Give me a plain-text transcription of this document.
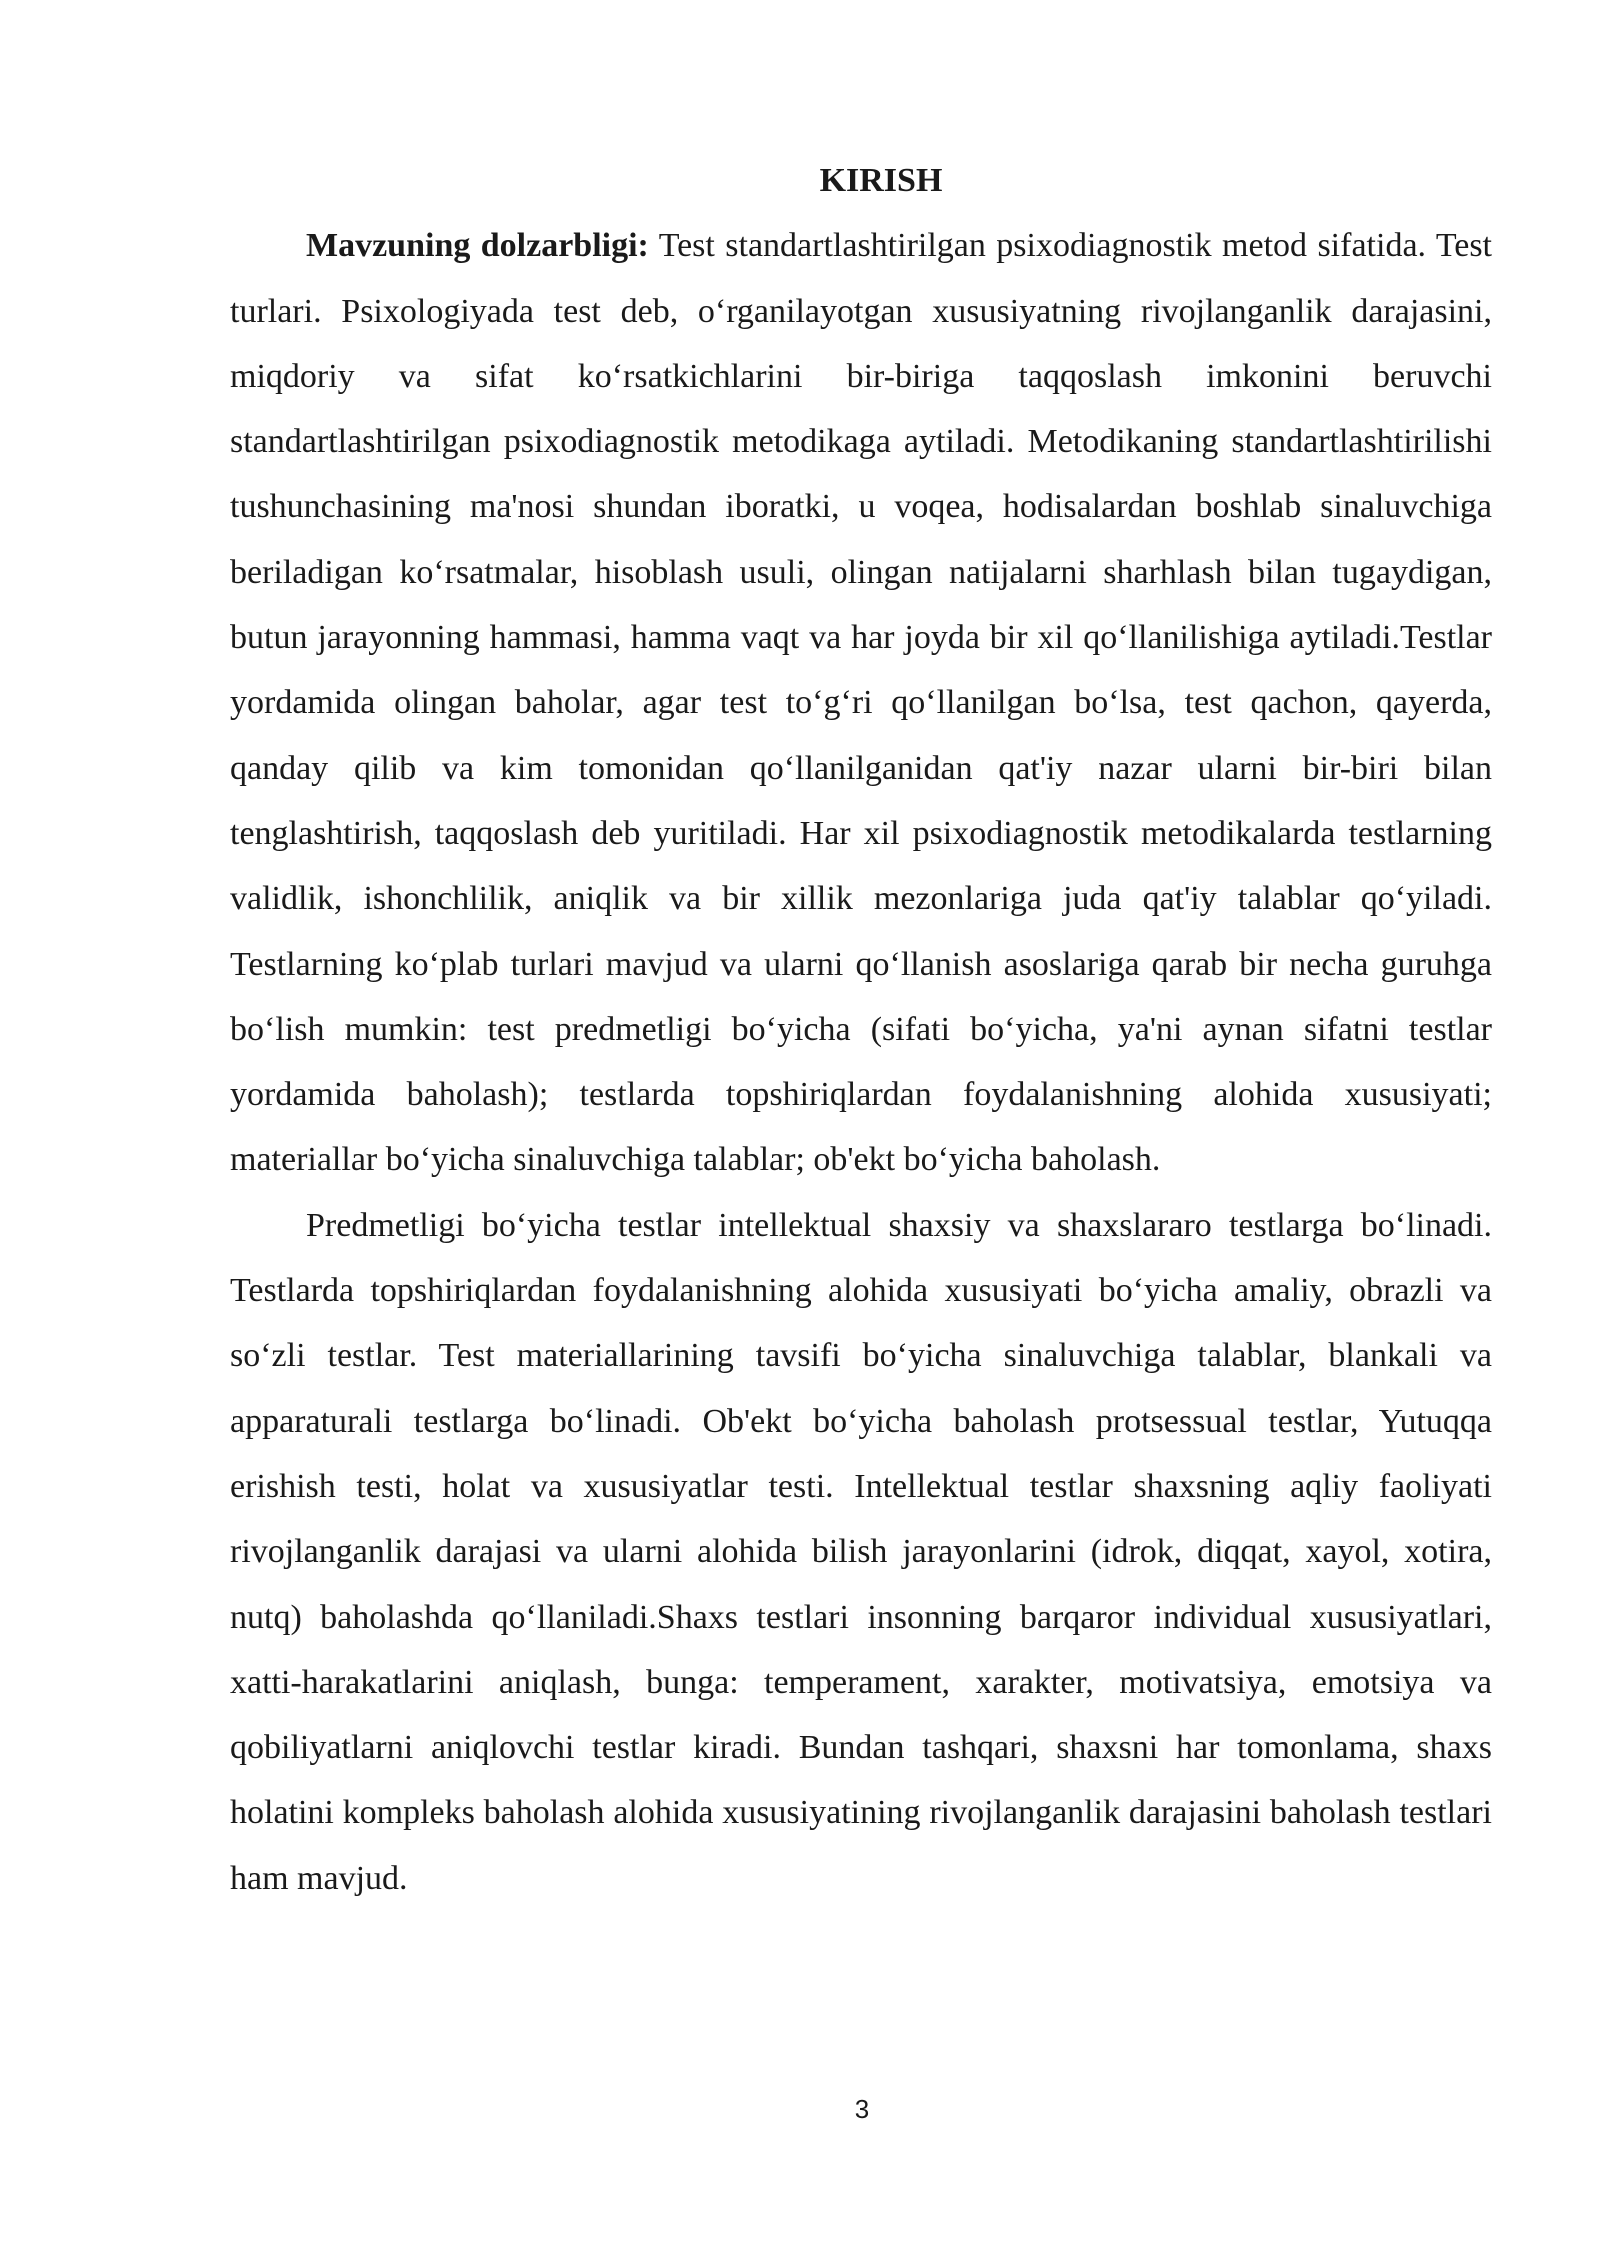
KIRISH

Mavzuning dolzarbligi: Test standartlashtirilgan psixodiagnostik metod sifatida. Test turlari. Psixologiyada test deb, o‘rganilayotgan xususiyatning rivojlanganlik darajasini, miqdoriy va sifat ko‘rsatkichlarini bir-biriga taqqoslash imkonini beruvchi standartlashtirilgan psixodiagnostik metodikaga aytiladi. Metodikaning standartlashtirilishi tushunchasining ma'nosi shundan iboratki, u voqea, hodisalardan boshlab sinaluvchiga beriladigan ko‘rsatmalar, hisoblash usuli, olingan natijalarni sharhlash bilan tugaydigan, butun jarayonning hammasi, hamma vaqt va har joyda bir xil qo‘llanilishiga aytiladi.Testlar yordamida olingan baholar, agar test to‘g‘ri qo‘llanilgan bo‘lsa, test qachon, qayerda, qanday qilib va kim tomonidan qo‘llanilganidan qat'iy nazar ularni bir-biri bilan tenglashtirish, taqqoslash deb yuritiladi. Har xil psixodiagnostik metodikalarda testlarning validlik, ishonchlilik, aniqlik va bir xillik mezonlariga juda qat'iy talablar qo‘yiladi. Testlarning ko‘plab turlari mavjud va ularni qo‘llanish asoslariga qarab bir necha guruhga bo‘lish mumkin: test predmetligi bo‘yicha (sifati bo‘yicha, ya'ni aynan sifatni testlar yordamida baholash); testlarda topshiriqlardan foydalanishning alohida xususiyati; materiallar bo‘yicha sinaluvchiga talablar; ob'ekt bo‘yicha baholash.

Predmetligi bo‘yicha testlar intellektual shaxsiy va shaxslararo testlarga bo‘linadi. Testlarda topshiriqlardan foydalanishning alohida xususiyati bo‘yicha amaliy, obrazli va so‘zli testlar. Test materiallarining tavsifi bo‘yicha sinaluvchiga talablar, blankali va apparaturali testlarga bo‘linadi. Ob'ekt bo‘yicha baholash protsessual testlar, Yutuqqa erishish testi, holat va xususiyatlar testi. Intellektual testlar shaxsning aqliy faoliyati rivojlanganlik darajasi va ularni alohida bilish jarayonlarini (idrok, diqqat, xayol, xotira, nutq) baholashda qo‘llaniladi.Shaxs testlari insonning barqaror individual xususiyatlari, xatti-harakatlarini aniqlash, bunga: temperament, xarakter, motivatsiya, emotsiya va qobiliyatlarni aniqlovchi testlar kiradi. Bundan tashqari, shaxsni har tomonlama, shaxs holatini kompleks baholash alohida xususiyatining rivojlanganlik darajasini baholash testlari ham mavjud.

3
